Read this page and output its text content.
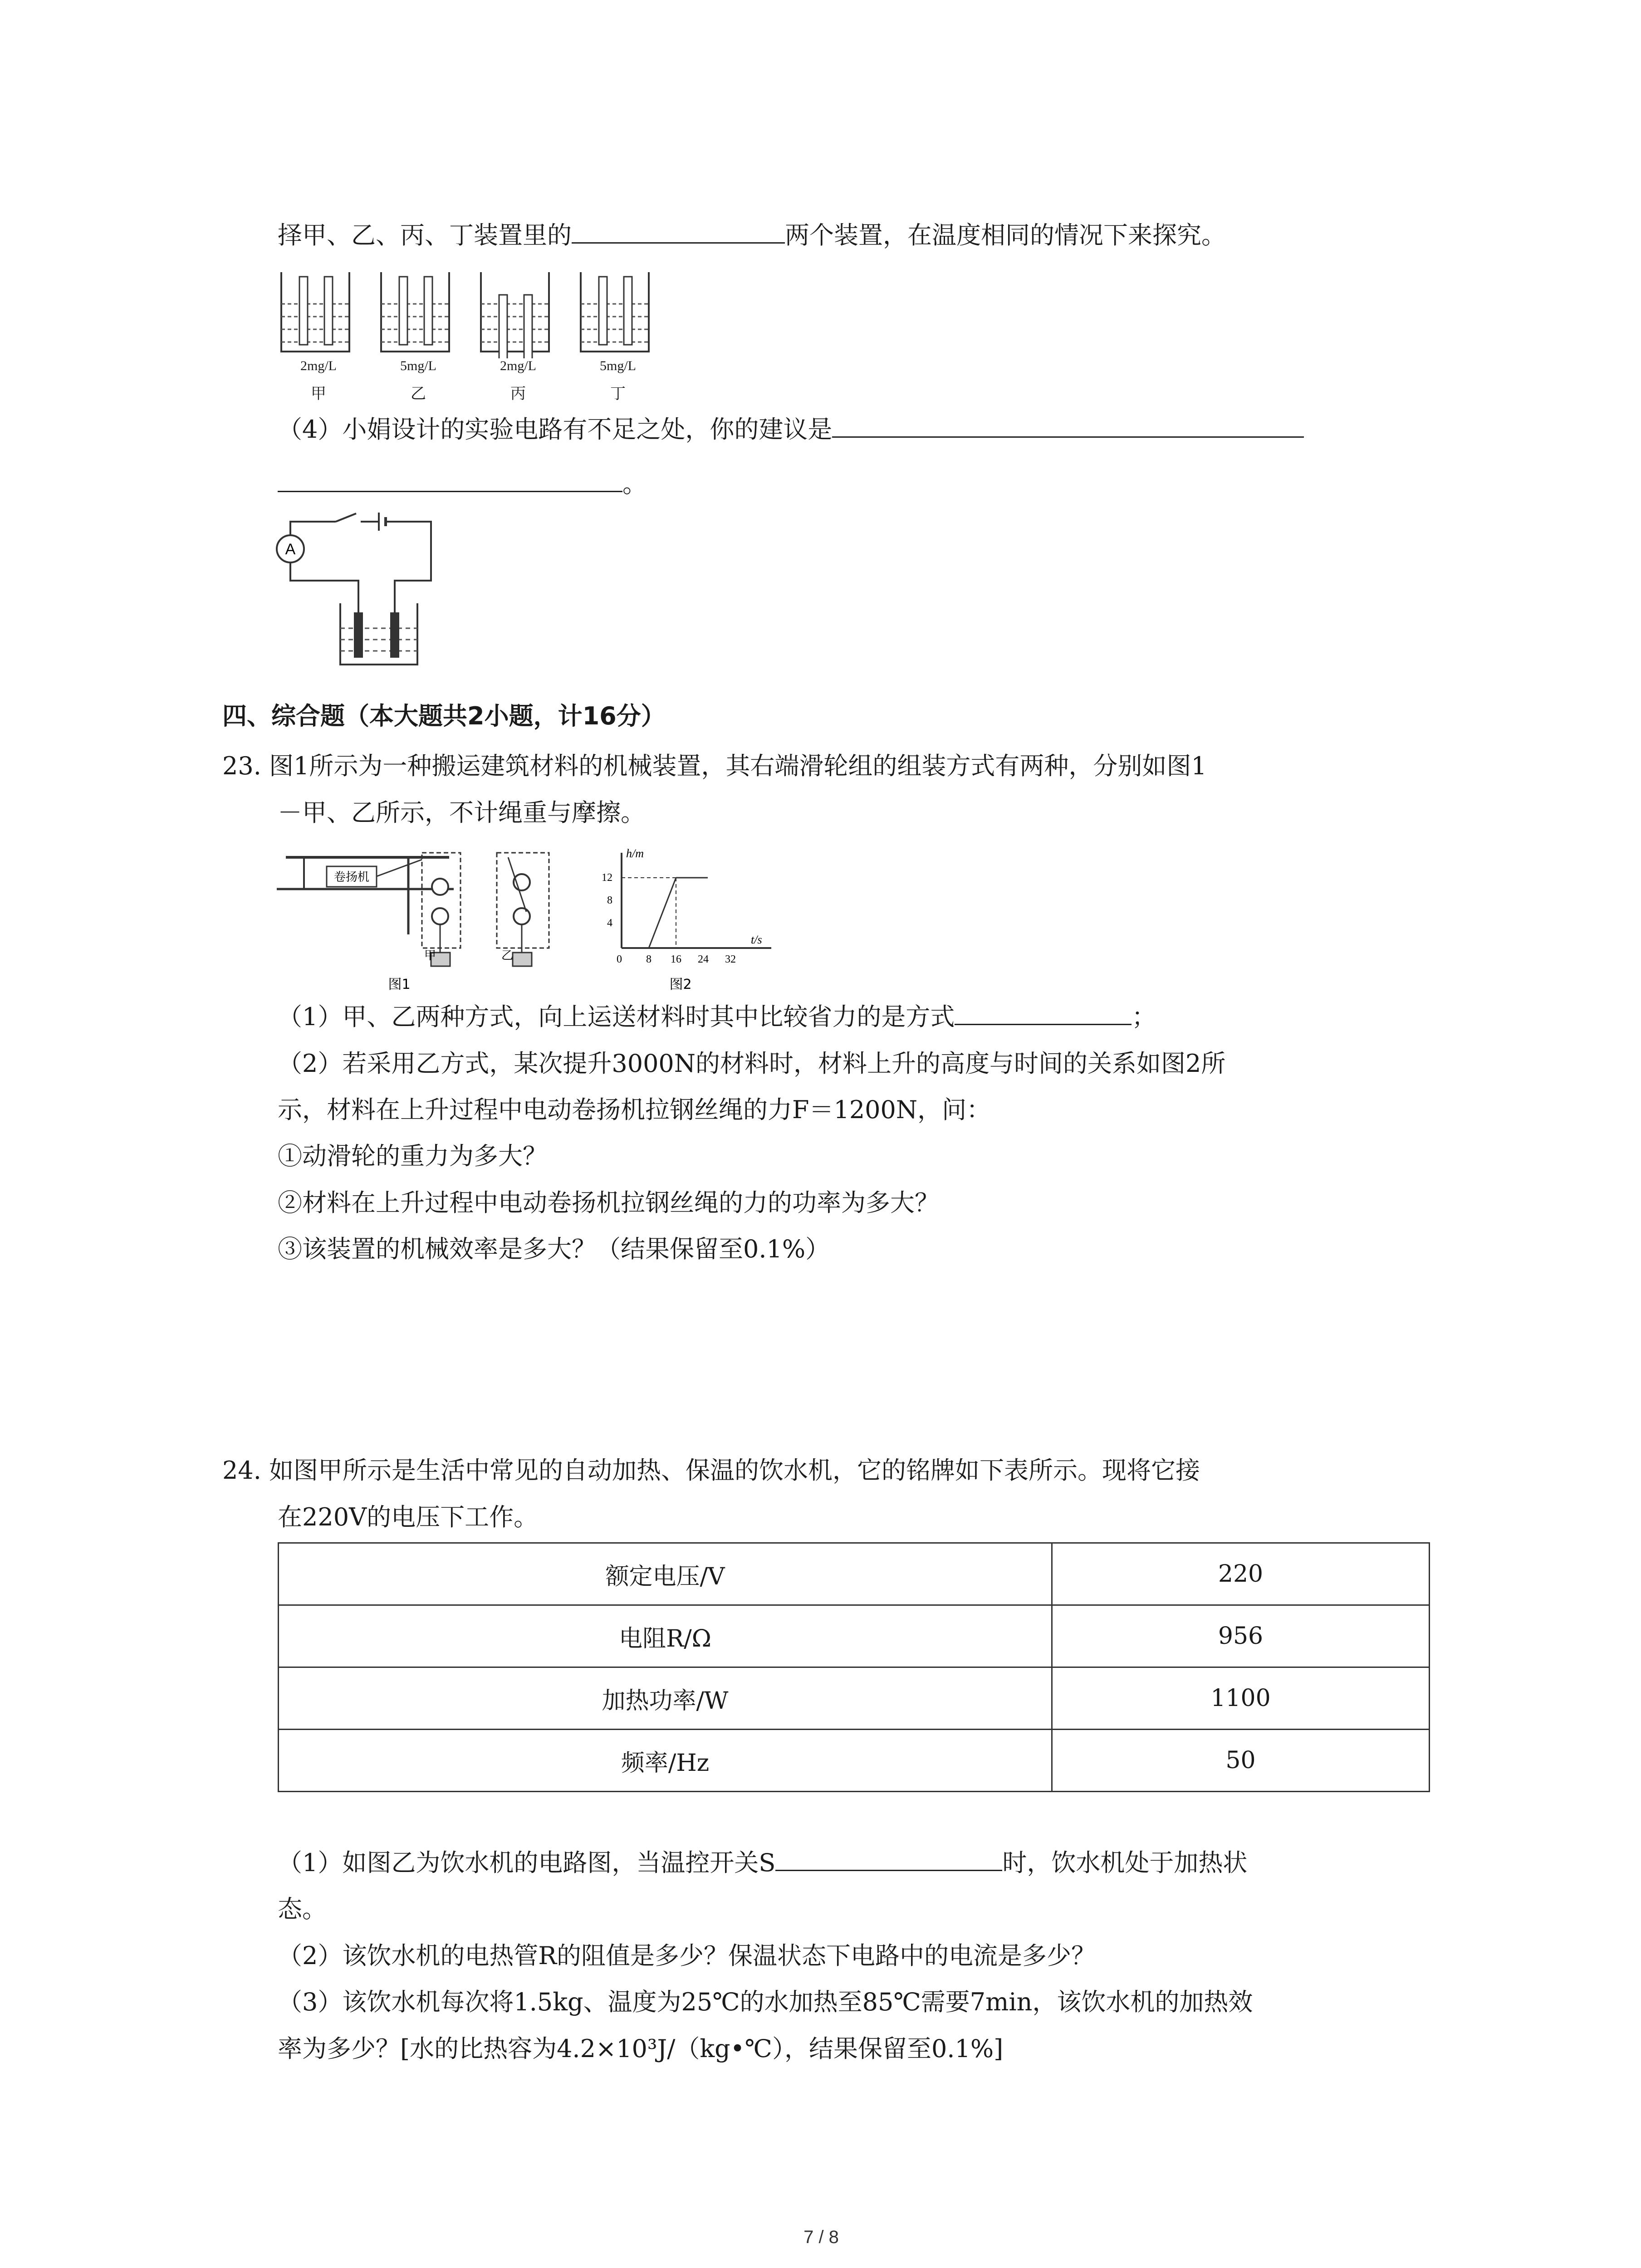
择甲、乙、丙、丁装置里的	两个装置，在温度相同的情况下来探究。
2mg/L	5mg/L	2mg/L	5mg/L
甲	乙	丙	丁
（4）小娟设计的实验电路有不足之处，你的建议是
。
A
四、综合题（本大题共2小题，计16分）
23. 图1所示为一种搬运建筑材料的机械装置，其右端滑轮组的组装方式有两种，分别如图1
－甲、乙所示，不计绳重与摩擦。
卷扬机
甲	乙
图1
h/m
t/s
12
8
4
0 8 16 24 32
图2
（1）甲、乙两种方式，向上运送材料时其中比较省力的是方式	；
（2）若采用乙方式，某次提升3000N的材料时，材料上升的高度与时间的关系如图2所
示，材料在上升过程中电动卷扬机拉钢丝绳的力F＝1200N，问：
①动滑轮的重力为多大？
②材料在上升过程中电动卷扬机拉钢丝绳的力的功率为多大？
③该装置的机械效率是多大？（结果保留至0.1%）
24. 如图甲所示是生活中常见的自动加热、保温的饮水机，它的铭牌如下表所示。现将它接
在220V的电压下工作。
额定电压/V	220
电阻R/Ω	956
加热功率/W	1100
频率/Hz	50
（1）如图乙为饮水机的电路图，当温控开关S	时，饮水机处于加热状
态。
（2）该饮水机的电热管R的阻值是多少？保温状态下电路中的电流是多少？
（3）该饮水机每次将1.5kg、温度为25℃的水加热至85℃需要7min，该饮水机的加热效
率为多少？[水的比热容为4.2×10³J/（kg•℃），结果保留至0.1%]
7 / 8
